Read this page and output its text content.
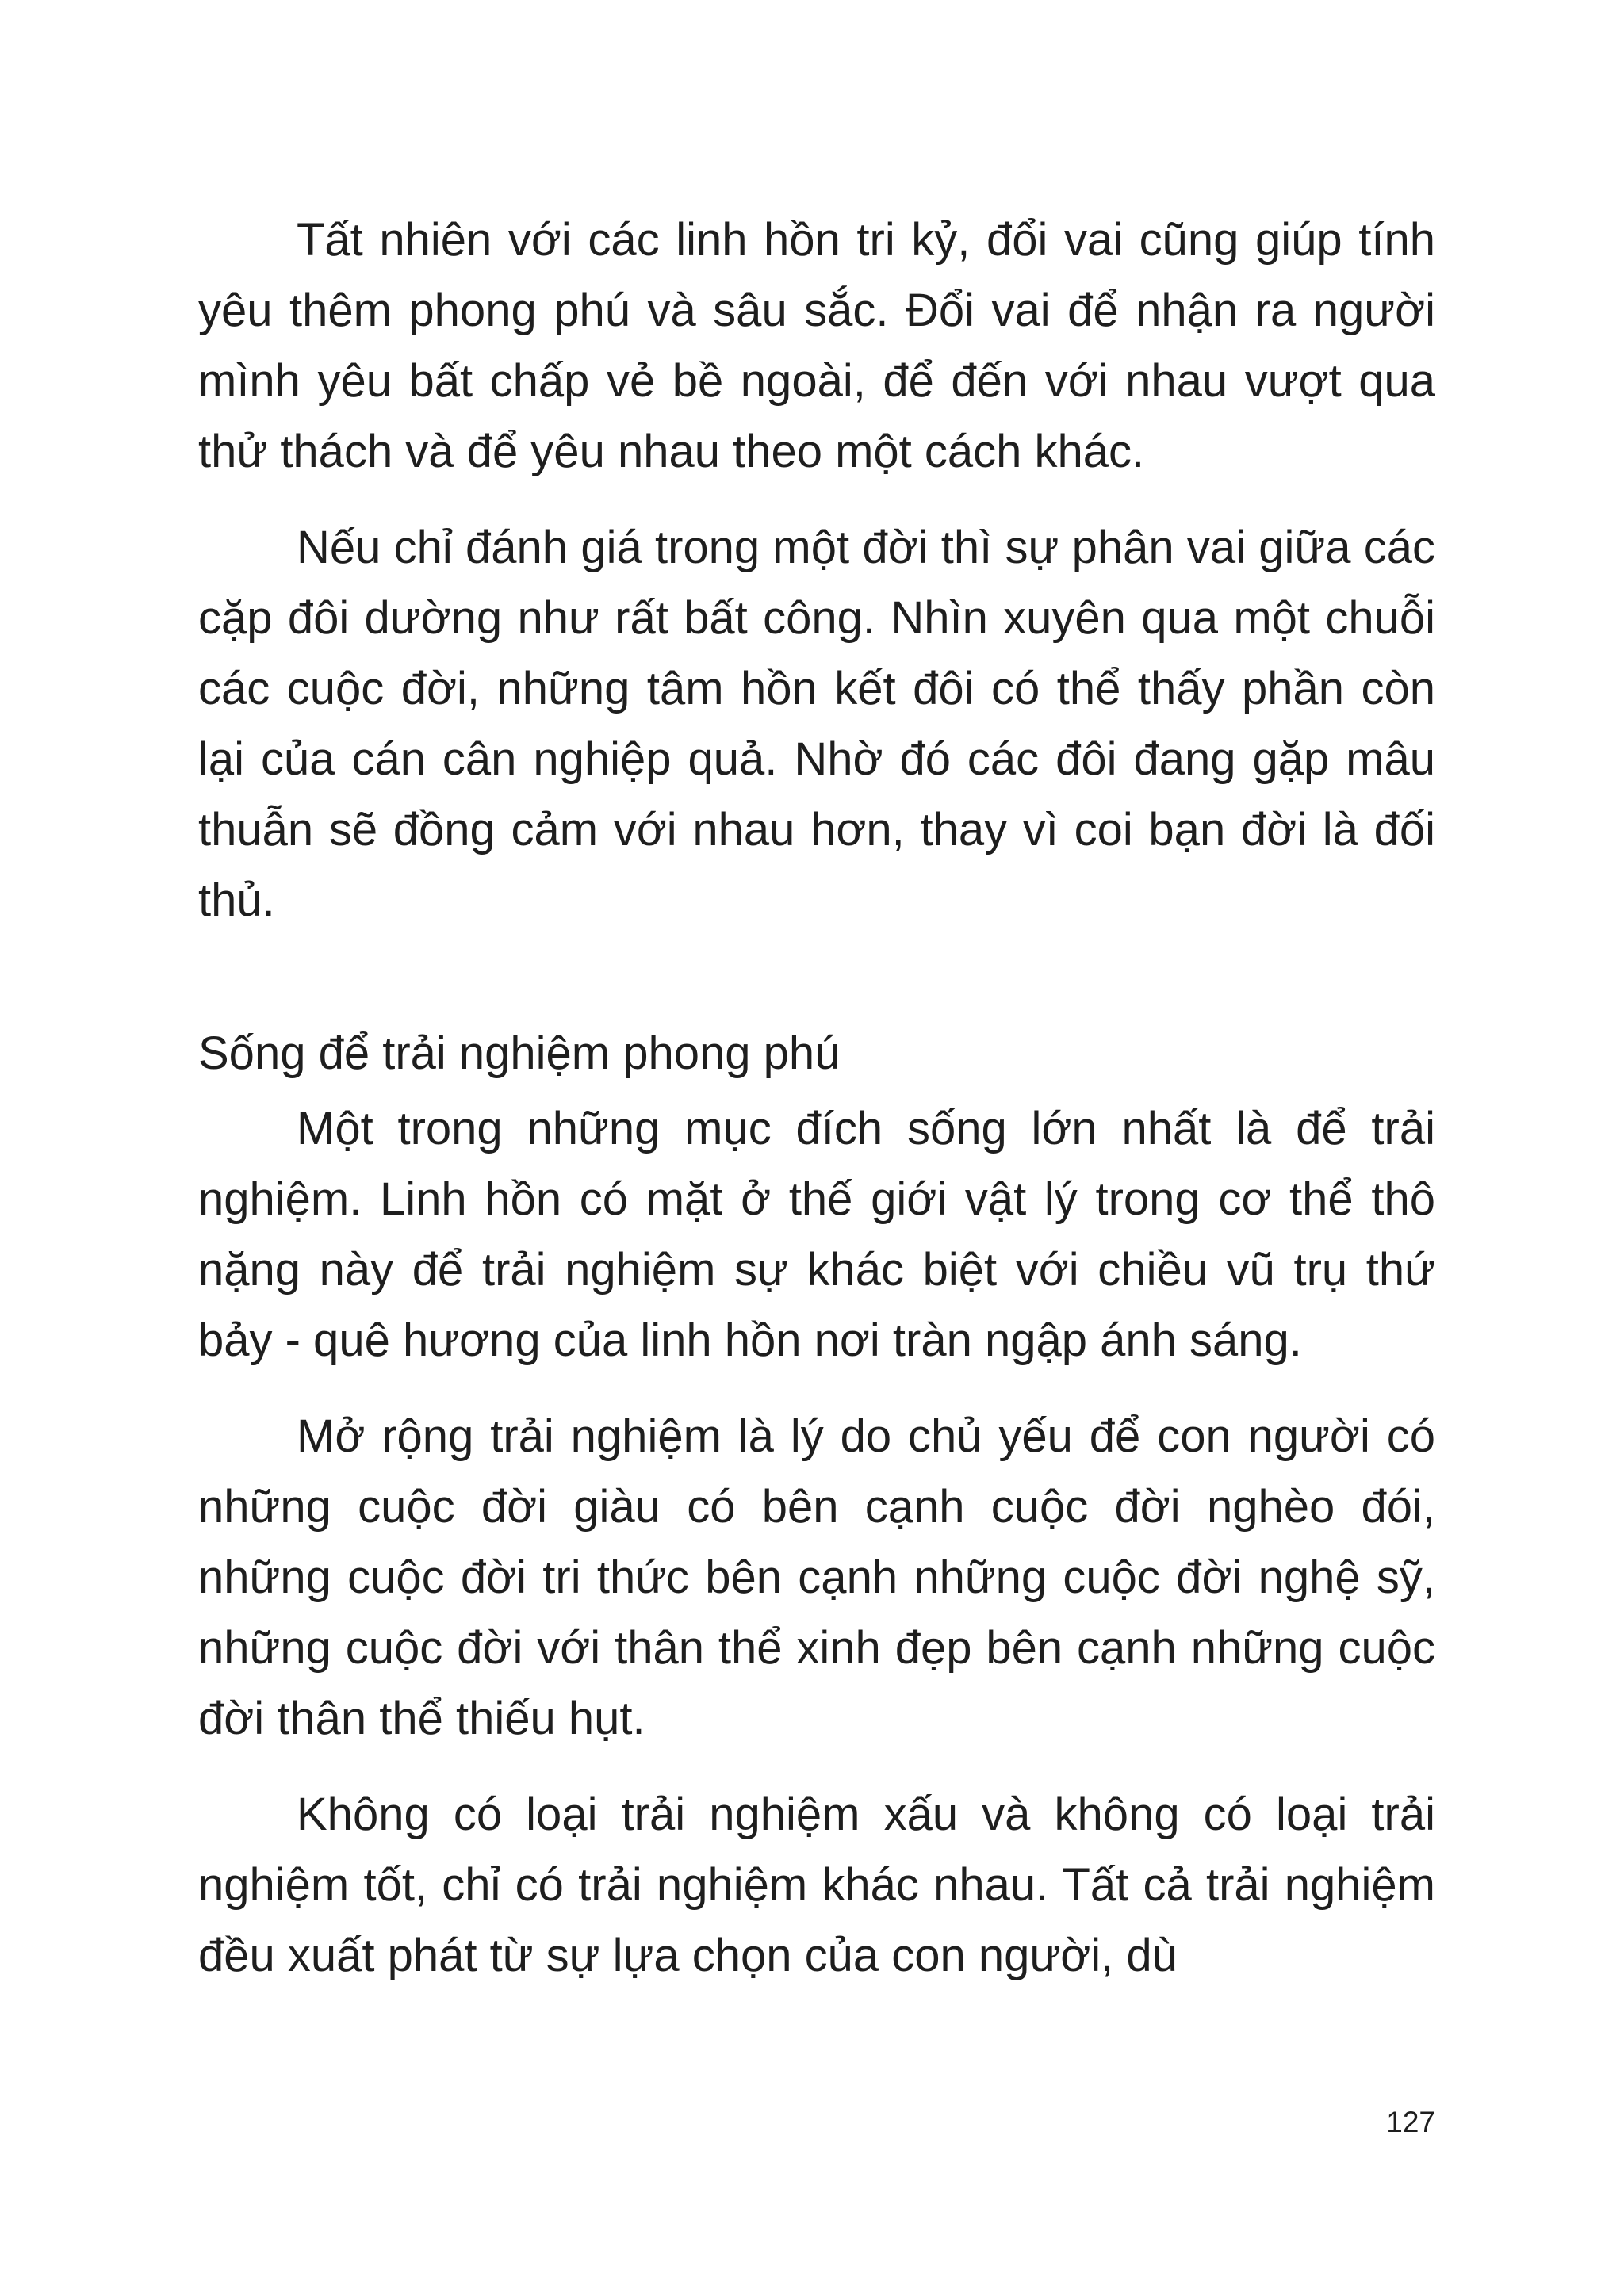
Tất nhiên với các linh hồn tri kỷ, đổi vai cũng giúp tính yêu thêm phong phú và sâu sắc. Đổi vai để nhận ra người mình yêu bất chấp vẻ bề ngoài, để đến với nhau vượt qua thử thách và để yêu nhau theo một cách khác.

Nếu chỉ đánh giá trong một đời thì sự phân vai giữa các cặp đôi dường như rất bất công. Nhìn xuyên qua một chuỗi các cuộc đời, những tâm hồn kết đôi có thể thấy phần còn lại của cán cân nghiệp quả. Nhờ đó các đôi đang gặp mâu thuẫn sẽ đồng cảm với nhau hơn, thay vì coi bạn đời là đối thủ.

Sống để trải nghiệm phong phú

Một trong những mục đích sống lớn nhất là để trải nghiệm. Linh hồn có mặt ở thế giới vật lý trong cơ thể thô nặng này để trải nghiệm sự khác biệt với chiều vũ trụ thứ bảy - quê hương của linh hồn nơi tràn ngập ánh sáng.

Mở rộng trải nghiệm là lý do chủ yếu để con người có những cuộc đời giàu có bên cạnh cuộc đời nghèo đói, những cuộc đời tri thức bên cạnh những cuộc đời nghệ sỹ, những cuộc đời với thân thể xinh đẹp bên cạnh những cuộc đời thân thể thiếu hụt.

Không có loại trải nghiệm xấu và không có loại trải nghiệm tốt, chỉ có trải nghiệm khác nhau. Tất cả trải nghiệm đều xuất phát từ sự lựa chọn của con người, dù

127
